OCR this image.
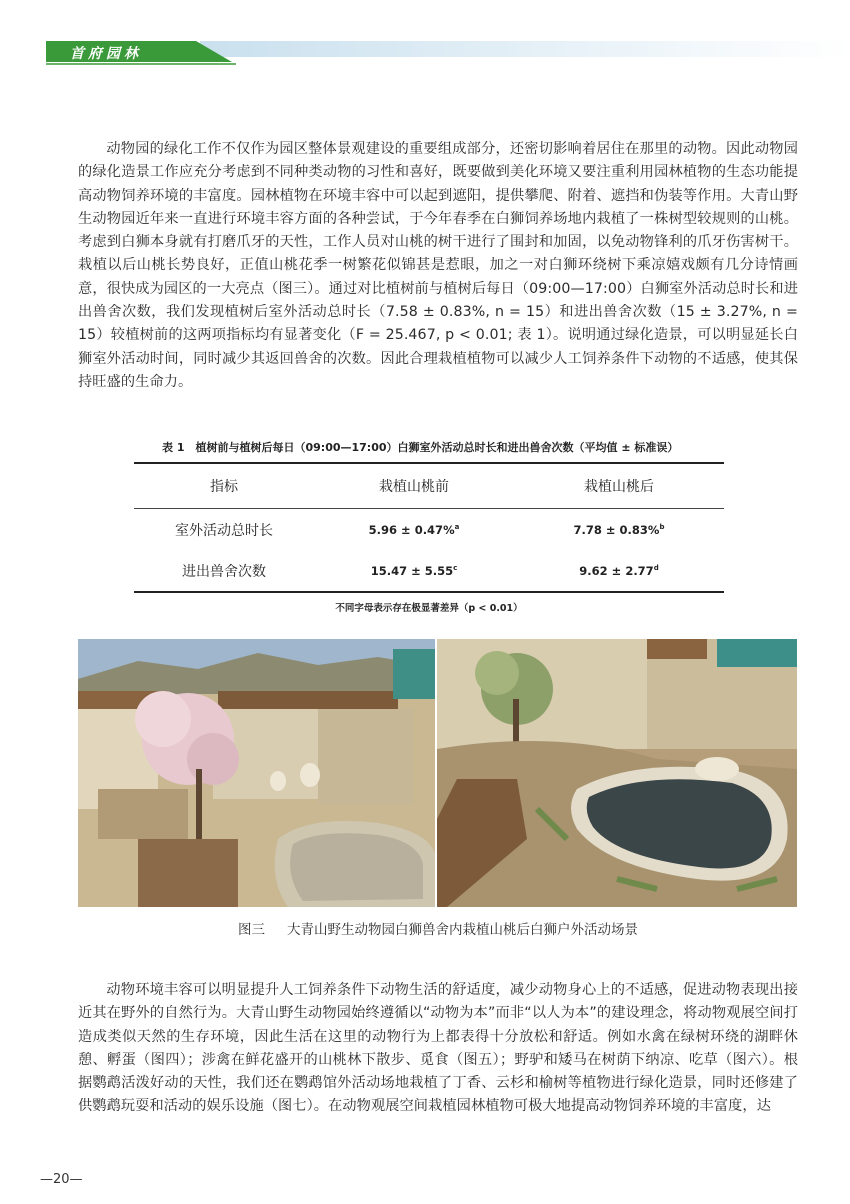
首府园林

动物园的绿化工作不仅作为园区整体景观建设的重要组成部分，还密切影响着居住在那里的动物。因此动物园的绿化造景工作应充分考虑到不同种类动物的习性和喜好，既要做到美化环境又要注重利用园林植物的生态功能提高动物饲养环境的丰富度。园林植物在环境丰容中可以起到遮阳，提供攀爬、附着、遮挡和伪装等作用。大青山野生动物园近年来一直进行环境丰容方面的各种尝试，于今年春季在白狮饲养场地内栽植了一株树型较规则的山桃。考虑到白狮本身就有打磨爪牙的天性，工作人员对山桃的树干进行了围封和加固，以免动物锋利的爪牙伤害树干。栽植以后山桃长势良好，正值山桃花季一树繁花似锦甚是惹眼，加之一对白狮环绕树下乘凉嬉戏颇有几分诗情画意，很快成为园区的一大亮点（图三）。通过对比植树前与植树后每日（09:00—17:00）白狮室外活动总时长和进出兽舍次数，我们发现植树后室外活动总时长（7.58 ± 0.83%, n = 15）和进出兽舍次数（15 ± 3.27%, n = 15）较植树前的这两项指标均有显著变化（F = 25.467, p < 0.01; 表 1）。说明通过绿化造景，可以明显延长白狮室外活动时间，同时减少其返回兽舍的次数。因此合理栽植植物可以减少人工饲养条件下动物的不适感，使其保持旺盛的生命力。

表 1　植树前与植树后每日（09:00—17:00）白狮室外活动总时长和进出兽舍次数（平均值 ± 标准误）
指标	栽植山桃前	栽植山桃后
室外活动总时长	5.96 ± 0.47%$^a$	7.78 ± 0.83%$^b$
进出兽舍次数	15.47 ± 5.55$^c$	9.62 ± 2.77$^d$
不同字母表示存在极显著差异（p < 0.01）
图三 大青山野生动物园白狮兽舍内栽植山桃后白狮户外活动场景

动物环境丰容可以明显提升人工饲养条件下动物生活的舒适度，减少动物身心上的不适感，促进动物表现出接近其在野外的自然行为。大青山野生动物园始终遵循以“动物为本”而非“以人为本”的建设理念，将动物观展空间打造成类似天然的生存环境，因此生活在这里的动物行为上都表得十分放松和舒适。例如水禽在绿树环绕的湖畔休憩、孵蛋（图四）；涉禽在鲜花盛开的山桃林下散步、觅食（图五）；野驴和矮马在树荫下纳凉、吃草（图六）。根据鹦鹉活泼好动的天性，我们还在鹦鹉馆外活动场地栽植了丁香、云杉和榆树等植物进行绿化造景，同时还修建了供鹦鹉玩耍和活动的娱乐设施（图七）。在动物观展空间栽植园林植物可极大地提高动物饲养环境的丰富度，达

—20—
